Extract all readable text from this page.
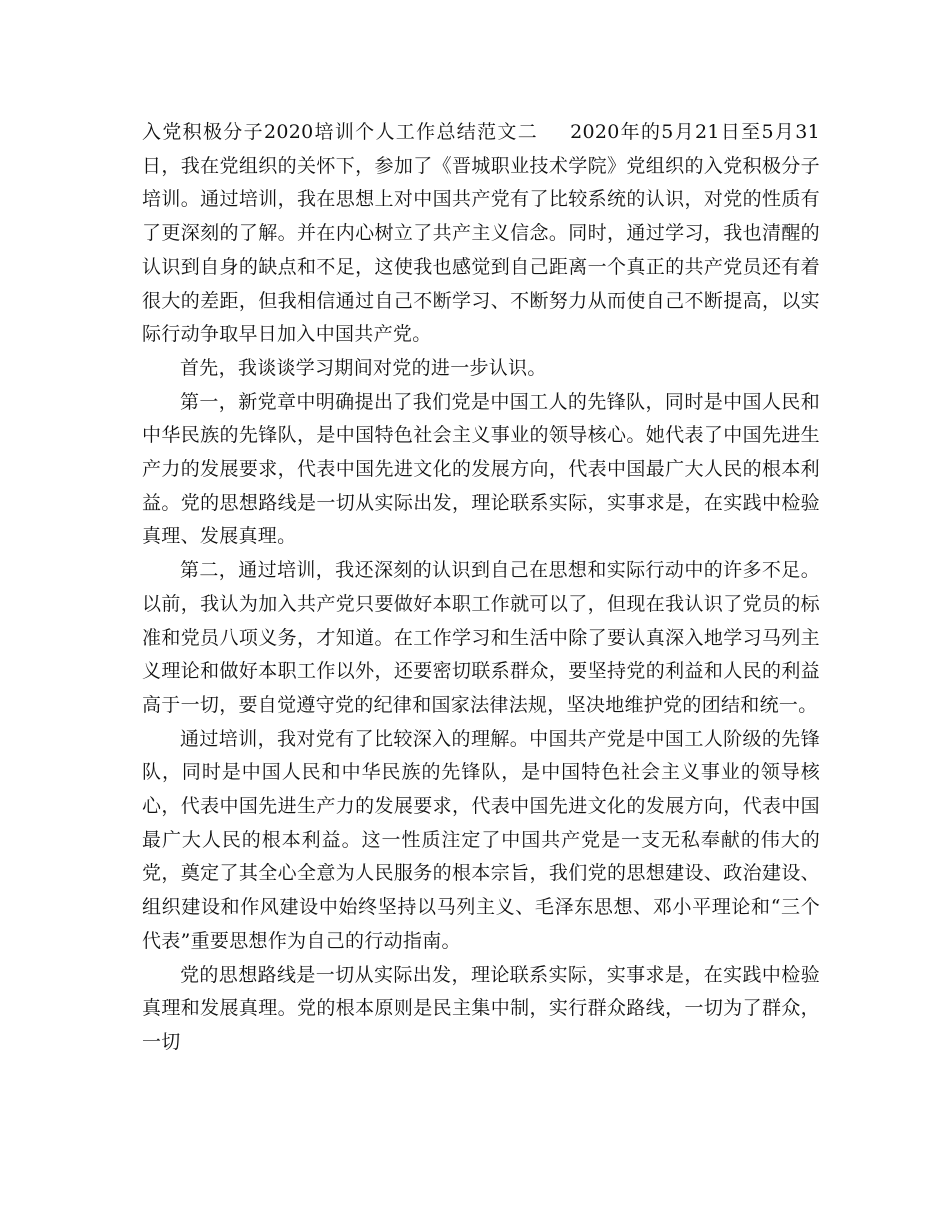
入党积极分子2020培训个人工作总结范文二 2020年的5月21日至5月31日，我在党组织的关怀下，参加了《晋城职业技术学院》党组织的入党积极分子培训。通过培训，我在思想上对中国共产党有了比较系统的认识，对党的性质有了更深刻的了解。并在内心树立了共产主义信念。同时，通过学习，我也清醒的认识到自身的缺点和不足，这使我也感觉到自己距离一个真正的共产党员还有着很大的差距，但我相信通过自己不断学习、不断努力从而使自己不断提高，以实际行动争取早日加入中国共产党。

首先，我谈谈学习期间对党的进一步认识。

第一，新党章中明确提出了我们党是中国工人的先锋队，同时是中国人民和中华民族的先锋队，是中国特色社会主义事业的领导核心。她代表了中国先进生产力的发展要求，代表中国先进文化的发展方向，代表中国最广大人民的根本利益。党的思想路线是一切从实际出发，理论联系实际，实事求是，在实践中检验真理、发展真理。

第二，通过培训，我还深刻的认识到自己在思想和实际行动中的许多不足。以前，我认为加入共产党只要做好本职工作就可以了，但现在我认识了党员的标准和党员八项义务，才知道。在工作学习和生活中除了要认真深入地学习马列主义理论和做好本职工作以外，还要密切联系群众，要坚持党的利益和人民的利益高于一切，要自觉遵守党的纪律和国家法律法规，坚决地维护党的团结和统一。

通过培训，我对党有了比较深入的理解。中国共产党是中国工人阶级的先锋队，同时是中国人民和中华民族的先锋队，是中国特色社会主义事业的领导核心，代表中国先进生产力的发展要求，代表中国先进文化的发展方向，代表中国最广大人民的根本利益。这一性质注定了中国共产党是一支无私奉献的伟大的党，奠定了其全心全意为人民服务的根本宗旨，我们党的思想建设、政治建设、组织建设和作风建设中始终坚持以马列主义、毛泽东思想、邓小平理论和“三个代表”重要思想作为自己的行动指南。

党的思想路线是一切从实际出发，理论联系实际，实事求是，在实践中检验真理和发展真理。党的根本原则是民主集中制，实行群众路线，一切为了群众，一切
